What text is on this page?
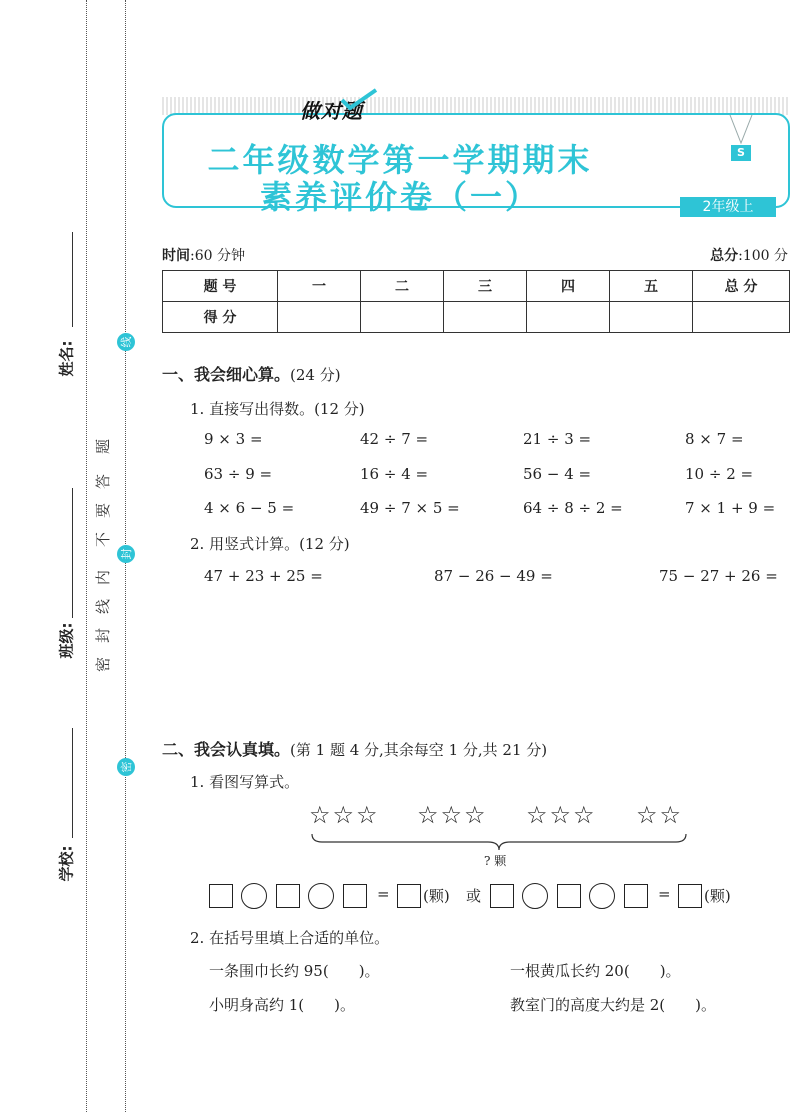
姓名:
班级:
学校:
密
封
线
内
不
要
答
题
线
封
密
做对题
S
二年级数学第一学期期末
素养评价卷（一）	2年级上
时间:60 分钟	总分:100 分
题 号	一	二	三	四	五	总 分
得 分						
一、我会细心算。(24 分)
1. 直接写出得数。(12 分)
9 × 3 =	42 ÷ 7 =	21 ÷ 3 =	8 × 7 =
63 ÷ 9 =	16 ÷ 4 =	56 − 4 =	10 ÷ 2 =
4 × 6 − 5 =	49 ÷ 7 × 5 =	64 ÷ 8 ÷ 2 =	7 × 1 + 9 =
2. 用竖式计算。(12 分)
47 + 23 + 25 =	87 − 26 − 49 =	75 − 27 + 26 =
二、我会认真填。(第 1 题 4 分,其余每空 1 分,共 21 分)
1. 看图写算式。
☆☆☆ ☆☆☆ ☆☆☆ ☆☆
? 颗
= (颗) 或	= (颗)
2. 在括号里填上合适的单位。
一条围巾长约 95(　　)。	一根黄瓜长约 20(　　)。
小明身高约 1(　　)。	教室门的高度大约是 2(　　)。
